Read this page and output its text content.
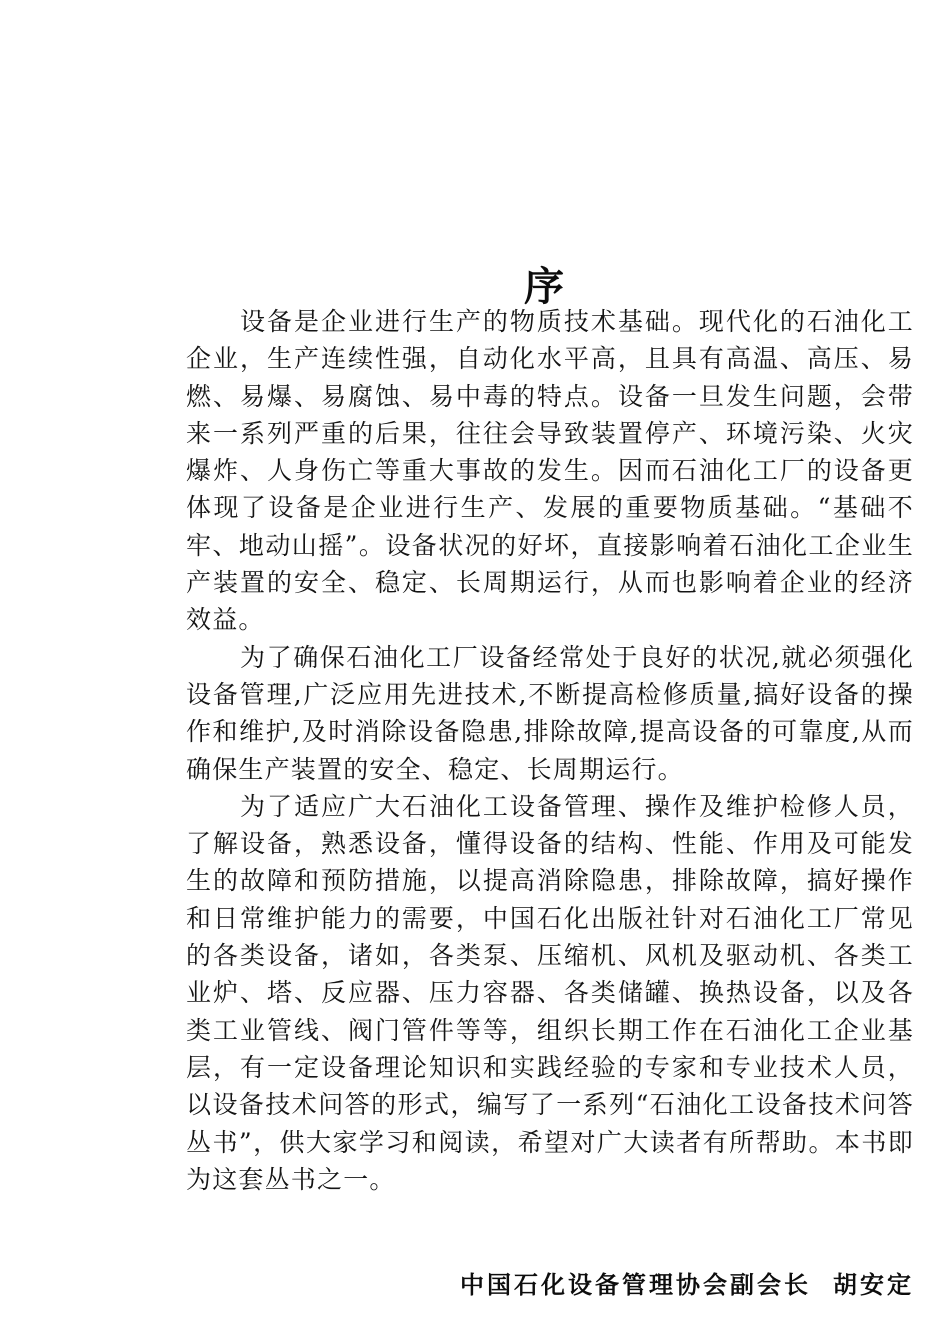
序

设备是企业进行生产的物质技术基础。现代化的石油化工企业，生产连续性强，自动化水平高，且具有高温、高压、易燃、易爆、易腐蚀、易中毒的特点。设备一旦发生问题，会带来一系列严重的后果，往往会导致装置停产、环境污染、火灾爆炸、人身伤亡等重大事故的发生。因而石油化工厂的设备更体现了设备是企业进行生产、发展的重要物质基础。“基础不牢、地动山摇”。设备状况的好坏，直接影响着石油化工企业生产装置的安全、稳定、长周期运行，从而也影响着企业的经济效益。

为了确保石油化工厂设备经常处于良好的状况,就必须强化设备管理,广泛应用先进技术,不断提高检修质量,搞好设备的操作和维护,及时消除设备隐患,排除故障,提高设备的可靠度,从而确保生产装置的安全、稳定、长周期运行。

为了适应广大石油化工设备管理、操作及维护检修人员，了解设备，熟悉设备，懂得设备的结构、性能、作用及可能发生的故障和预防措施，以提高消除隐患，排除故障，搞好操作和日常维护能力的需要，中国石化出版社针对石油化工厂常见的各类设备，诸如，各类泵、压缩机、风机及驱动机、各类工业炉、塔、反应器、压力容器、各类储罐、换热设备，以及各类工业管线、阀门管件等等，组织长期工作在石油化工企业基层，有一定设备理论知识和实践经验的专家和专业技术人员，以设备技术问答的形式，编写了一系列“石油化工设备技术问答丛书”，供大家学习和阅读，希望对广大读者有所帮助。本书即为这套丛书之一。

中国石化设备管理协会副会长 胡安定
